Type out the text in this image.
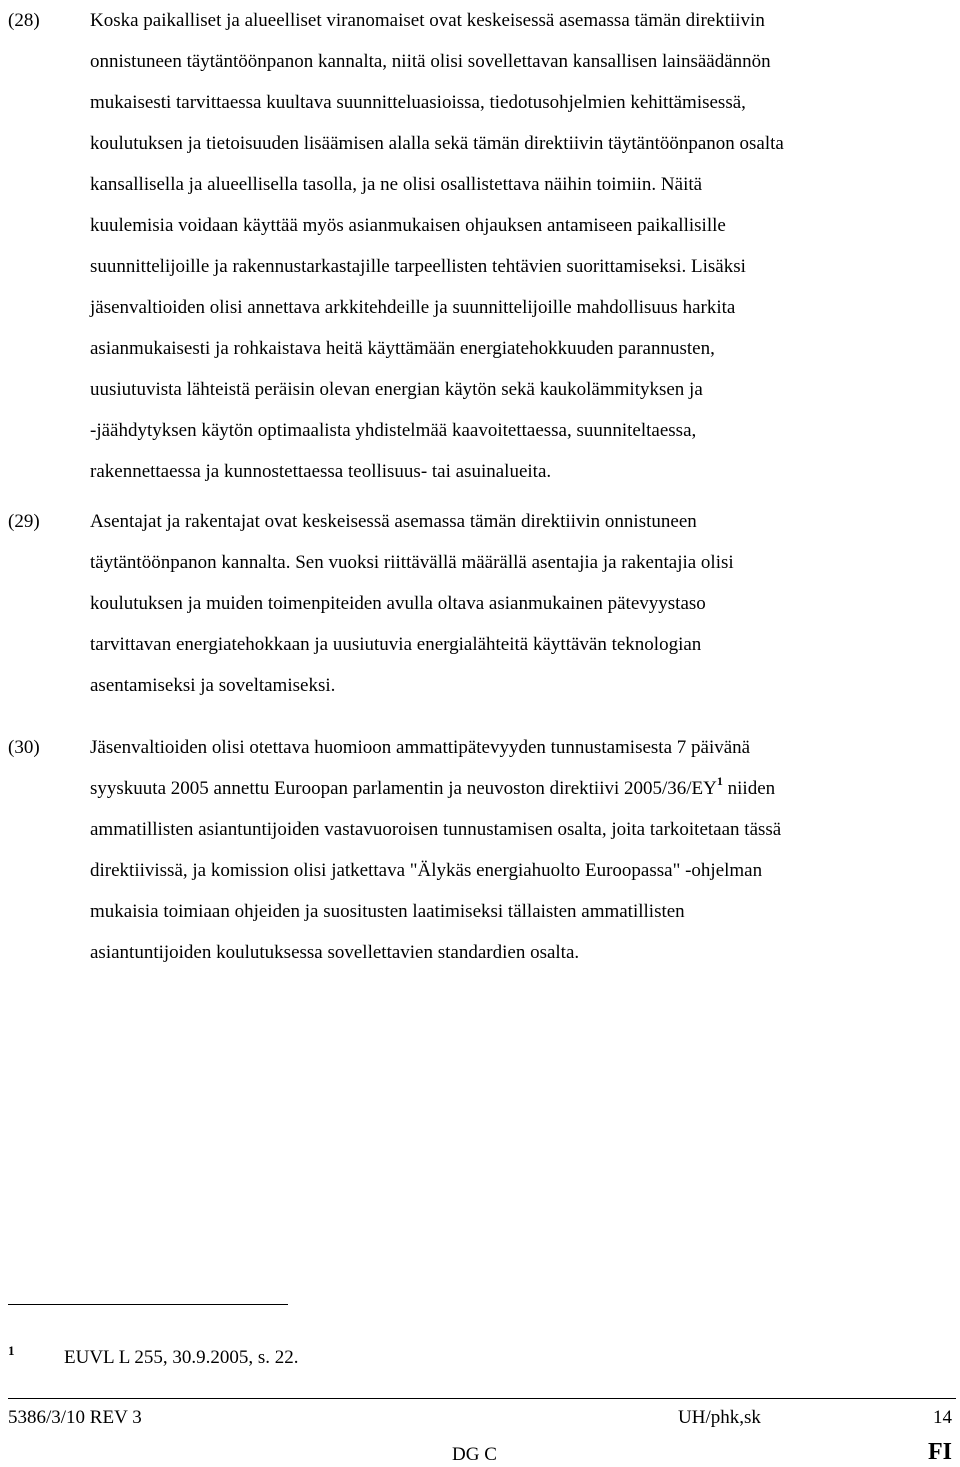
(28)	Koska paikalliset ja alueelliset viranomaiset ovat keskeisessä asemassa tämän direktiivin
onnistuneen täytäntöönpanon kannalta, niitä olisi sovellettavan kansallisen lainsäädännön
mukaisesti tarvittaessa kuultava suunnitteluasioissa, tiedotusohjelmien kehittämisessä,
koulutuksen ja tietoisuuden lisäämisen alalla sekä tämän direktiivin täytäntöönpanon osalta
kansallisella ja alueellisella tasolla, ja ne olisi osallistettava näihin toimiin. Näitä
kuulemisia voidaan käyttää myös asianmukaisen ohjauksen antamiseen paikallisille
suunnittelijoille ja rakennustarkastajille tarpeellisten tehtävien suorittamiseksi. Lisäksi
jäsenvaltioiden olisi annettava arkkitehdeille ja suunnittelijoille mahdollisuus harkita
asianmukaisesti ja rohkaistava heitä käyttämään energiatehokkuuden parannusten,
uusiutuvista lähteistä peräisin olevan energian käytön sekä kaukolämmityksen ja
-jäähdytyksen käytön optimaalista yhdistelmää kaavoitettaessa, suunniteltaessa,
rakennettaessa ja kunnostettaessa teollisuus- tai asuinalueita.
(29)	Asentajat ja rakentajat ovat keskeisessä asemassa tämän direktiivin onnistuneen
täytäntöönpanon kannalta. Sen vuoksi riittävällä määrällä asentajia ja rakentajia olisi
koulutuksen ja muiden toimenpiteiden avulla oltava asianmukainen pätevyystaso
tarvittavan energiatehokkaan ja uusiutuvia energialähteitä käyttävän teknologian
asentamiseksi ja soveltamiseksi.
(30)	Jäsenvaltioiden olisi otettava huomioon ammattipätevyyden tunnustamisesta 7 päivänä
syyskuuta 2005 annettu Euroopan parlamentin ja neuvoston direktiivi $2005/36/EY^1$ niiden
ammatillisten asiantuntijoiden vastavuoroisen tunnustamisen osalta, joita tarkoitetaan tässä
direktiivissä, ja komission olisi jatkettava "Älykäs energiahuolto Euroopassa" -ohjelman
mukaisia toimiaan ohjeiden ja suositusten laatimiseksi tällaisten ammatillisten
asiantuntijoiden koulutuksessa sovellettavien standardien osalta.
1	EUVL L 255, 30.9.2005, s. 22.
5386/3/10 REV 3	UH/phk,sk	14
DG C	FI
